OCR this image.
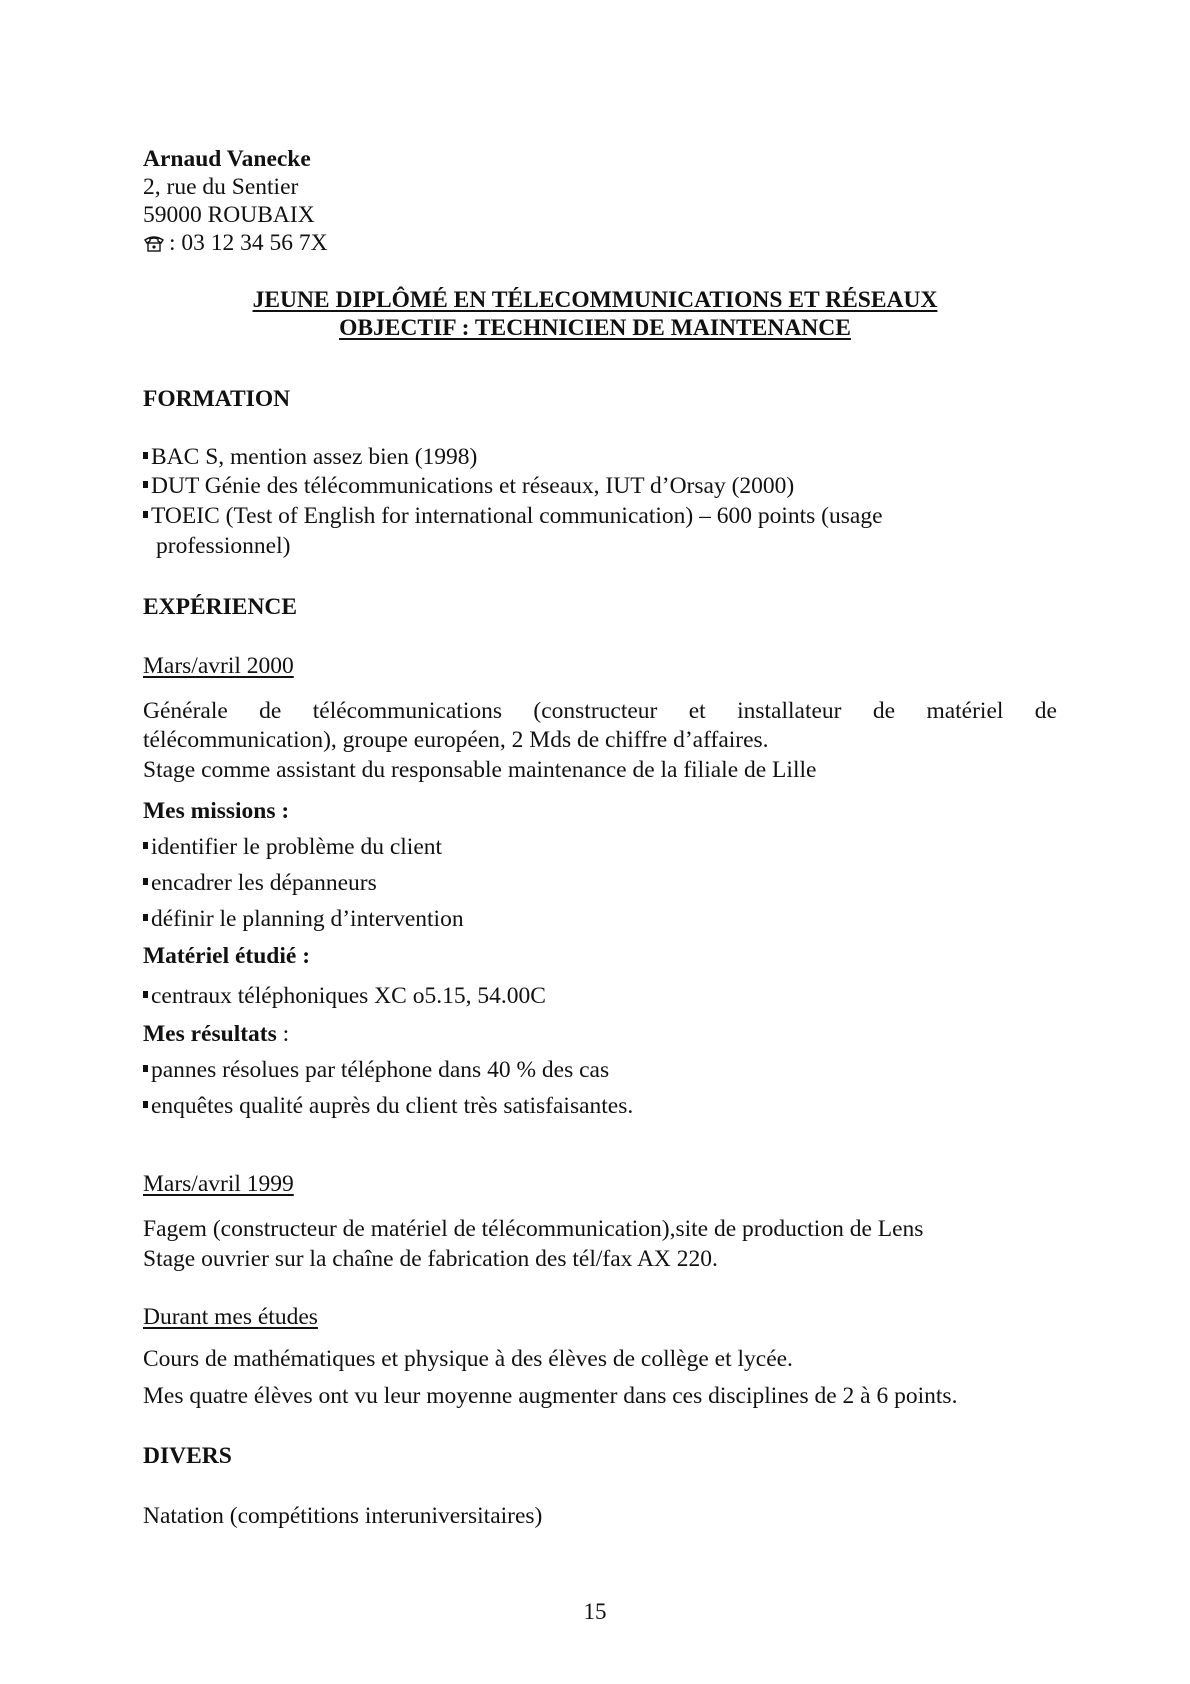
Arnaud Vanecke
2, rue du Sentier
59000 ROUBAIX
: 03 12 34 56 7X
JEUNE DIPLÔMÉ EN TÉLECOMMUNICATIONS ET RÉSEAUX
OBJECTIF : TECHNICIEN DE MAINTENANCE
FORMATION
BAC S, mention assez bien (1998)
DUT Génie des télécommunications et réseaux, IUT d’Orsay (2000)
TOEIC (Test of English for international communication) – 600 points (usage
professionnel)
EXPÉRIENCE
Mars/avril 2000
Générale de télécommunications (constructeur et installateur de matériel de
télécommunication), groupe européen, 2 Mds de chiffre d’affaires.
Stage comme assistant du responsable maintenance de la filiale de Lille
Mes missions :
identifier le problème du client
encadrer les dépanneurs
définir le planning d’intervention
Matériel étudié :
centraux téléphoniques XC o5.15, 54.00C
Mes résultats :
pannes résolues par téléphone dans 40 % des cas
enquêtes qualité auprès du client très satisfaisantes.
Mars/avril 1999
Fagem (constructeur de matériel de télécommunication),site de production de Lens
Stage ouvrier sur la chaîne de fabrication des tél/fax AX 220.
Durant mes études
Cours de mathématiques et physique à des élèves de collège et lycée.
Mes quatre élèves ont vu leur moyenne augmenter dans ces disciplines de 2 à 6 points.
DIVERS
Natation (compétitions interuniversitaires)
15
